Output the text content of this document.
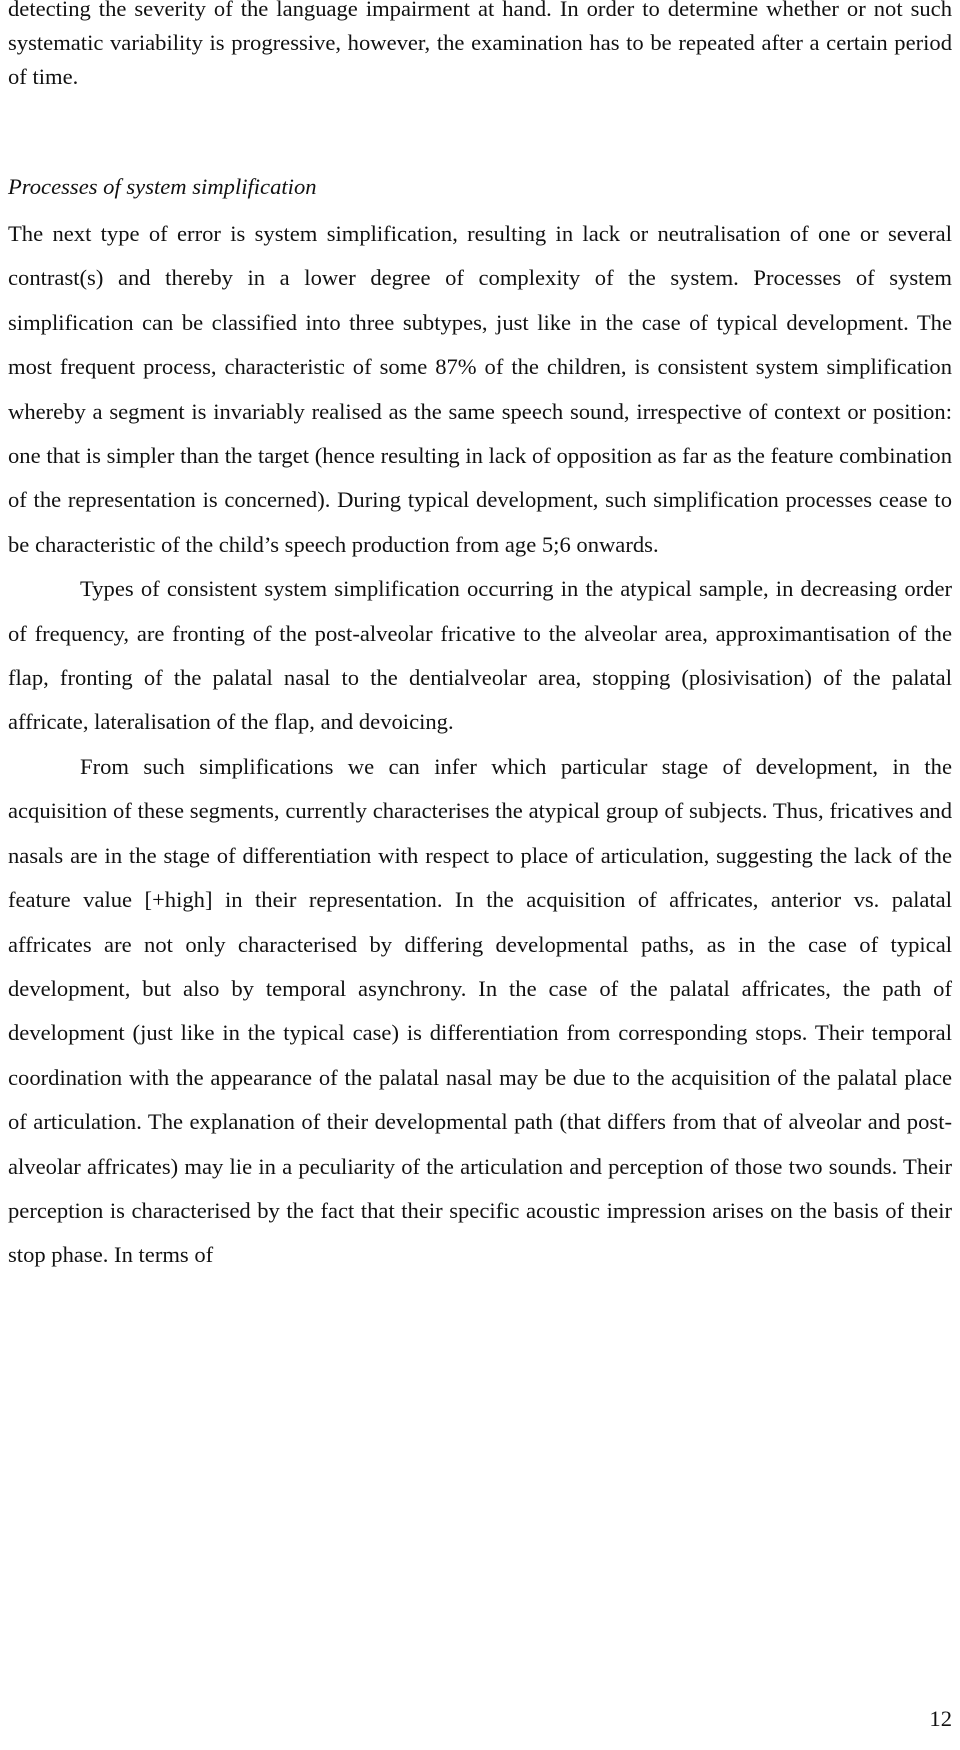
detecting the severity of the language impairment at hand. In order to determine whether or not such systematic variability is progressive, however, the examination has to be repeated after a certain period of time.

Processes of system simplification

The next type of error is system simplification, resulting in lack or neutralisation of one or several contrast(s) and thereby in a lower degree of complexity of the system. Processes of system simplification can be classified into three subtypes, just like in the case of typical development. The most frequent process, characteristic of some 87% of the children, is consistent system simplification whereby a segment is invariably realised as the same speech sound, irrespective of context or position: one that is simpler than the target (hence resulting in lack of opposition as far as the feature combination of the representation is concerned). During typical development, such simplification processes cease to be characteristic of the child’s speech production from age 5;6 onwards.

Types of consistent system simplification occurring in the atypical sample, in decreasing order of frequency, are fronting of the post-alveolar fricative to the alveolar area, approximantisation of the flap, fronting of the palatal nasal to the dentialveolar area, stopping (plosivisation) of the palatal affricate, lateralisation of the flap, and devoicing.

From such simplifications we can infer which particular stage of development, in the acquisition of these segments, currently characterises the atypical group of subjects. Thus, fricatives and nasals are in the stage of differentiation with respect to place of articulation, suggesting the lack of the feature value [+high] in their representation. In the acquisition of affricates, anterior vs. palatal affricates are not only characterised by differing developmental paths, as in the case of typical development, but also by temporal asynchrony. In the case of the palatal affricates, the path of development (just like in the typical case) is differentiation from corresponding stops. Their temporal coordination with the appearance of the palatal nasal may be due to the acquisition of the palatal place of articulation. The explanation of their developmental path (that differs from that of alveolar and post-alveolar affricates) may lie in a peculiarity of the articulation and perception of those two sounds. Their perception is characterised by the fact that their specific acoustic impression arises on the basis of their stop phase. In terms of

12
